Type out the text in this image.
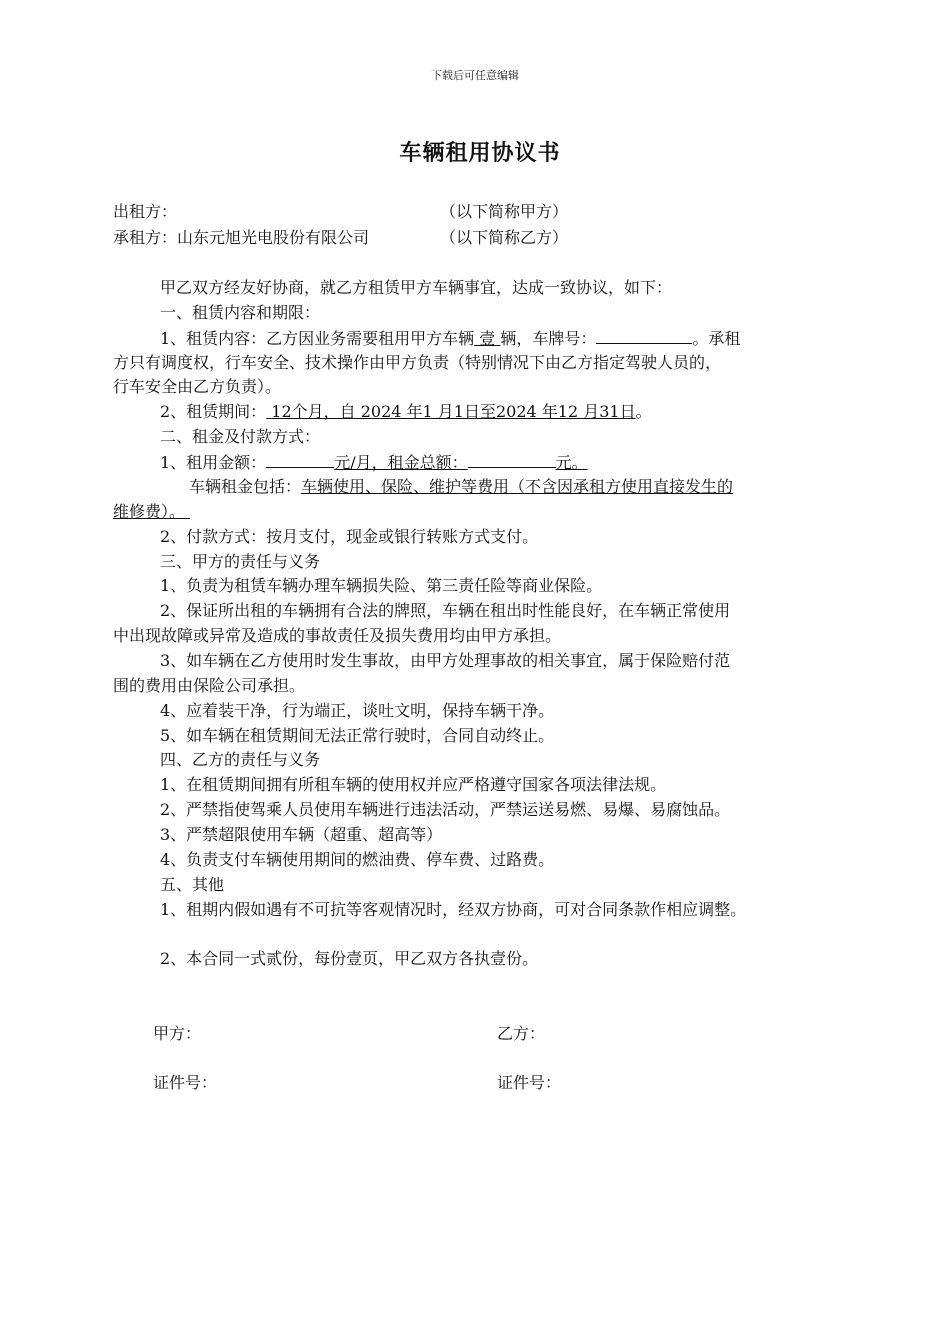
下载后可任意编辑
车辆租用协议书
出租方：	（以下简称甲方）
承租方：山东元旭光电股份有限公司	（以下简称乙方）
甲乙双方经友好协商，就乙方租赁甲方车辆事宜，达成一致协议，如下：
一、租赁内容和期限：
1、租赁内容：乙方因业务需要租用甲方车辆 壹 辆，车牌号：	。承租
方只有调度权，行车安全、技术操作由甲方负责（特别情况下由乙方指定驾驶人员的，
行车安全由乙方负责）。
2、租赁期间： 12个月，自 2024 年1 月1日至2024 年12 月31日。
二、租金及付款方式：
1、租用金额：	元/月，租金总额：	元。
车辆租金包括：车辆使用、保险、维护等费用（不含因承租方使用直接发生的
维修费）。
2、付款方式：按月支付，现金或银行转账方式支付。
三、甲方的责任与义务
1、负责为租赁车辆办理车辆损失险、第三责任险等商业保险。
2、保证所出租的车辆拥有合法的牌照，车辆在租出时性能良好，在车辆正常使用
中出现故障或异常及造成的事故责任及损失费用均由甲方承担。
3、如车辆在乙方使用时发生事故，由甲方处理事故的相关事宜，属于保险赔付范
围的费用由保险公司承担。
4、应着装干净，行为端正，谈吐文明，保持车辆干净。
5、如车辆在租赁期间无法正常行驶时，合同自动终止。
四、乙方的责任与义务
1、在租赁期间拥有所租车辆的使用权并应严格遵守国家各项法律法规。
2、严禁指使驾乘人员使用车辆进行违法活动，严禁运送易燃、易爆、易腐蚀品。
3、严禁超限使用车辆（超重、超高等）
4、负责支付车辆使用期间的燃油费、停车费、过路费。
五、其他
1、租期内假如遇有不可抗等客观情况时，经双方协商，可对合同条款作相应调整。
2、本合同一式贰份，每份壹页，甲乙双方各执壹份。
甲方：	乙方：
证件号：	证件号：
